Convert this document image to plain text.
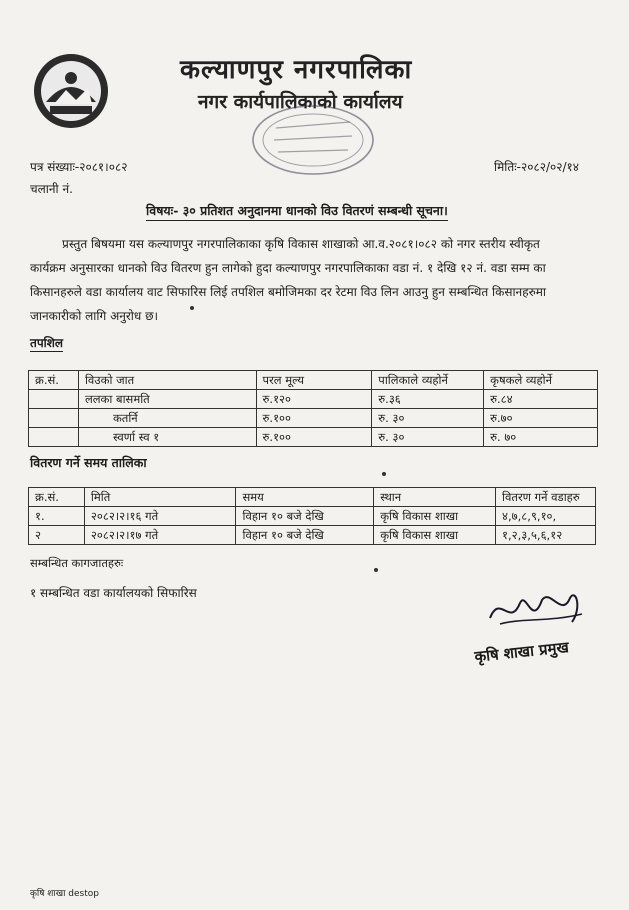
कल्याणपुर नगरपालिका
नगर कार्यपालिकाको कार्यालय
पत्र संख्याः-२०८१।०८२
चलानी नं.
मितिः-२०८२/०२/१४
विषयः- ३० प्रतिशत अनुदानमा धानको विउ वितरणं सम्बन्धी सूचना।
प्रस्तुत बिषयमा यस कल्याणपुर नगरपालिकाका कृषि विकास शाखाको आ.व.२०८१।०८२ को नगर स्तरीय स्वीकृत
कार्यक्रम अनुसारका धानको विउ वितरण हुन लागेको हुदा कल्याणपुर नगरपालिकाका वडा नं. १ देखि १२ नं. वडा सम्म का
किसानहरुले वडा कार्यालय वाट सिफारिस लिई तपशिल बमोजिमका दर रेटमा विउ लिन आउनु हुन सम्बन्धित किसानहरुमा
जानकारीको लागि अनुरोध छ।
तपशिल
क्र.सं.	विउको जात	परल मूल्य	पालिकाले व्यहोर्ने	कृषकले व्यहोर्ने
	ललका बासमति	रु.१२०	रु.३६	रु.८४
	कतर्नि	रु.१००	रु. ३०	रु.७०
	स्वर्णा स्व १	रु.१००	रु. ३०	रु. ७०
वितरण गर्ने समय तालिका
क्र.सं.	मिति	समय	स्थान	वितरण गर्ने वडाहरु
१.	२०८२।२।१६ गते	विहान १० बजे देखि	कृषि विकास शाखा	४,७,८,९,१०,
२	२०८२।२।१७ गते	विहान १० बजे देखि	कृषि विकास शाखा	१,२,३,५,६,१२
सम्बन्धित कागजातहरुः
१ सम्बन्धित वडा कार्यालयको सिफारिस
कृषि शाखा प्रमुख
कृषि शाखा destop
